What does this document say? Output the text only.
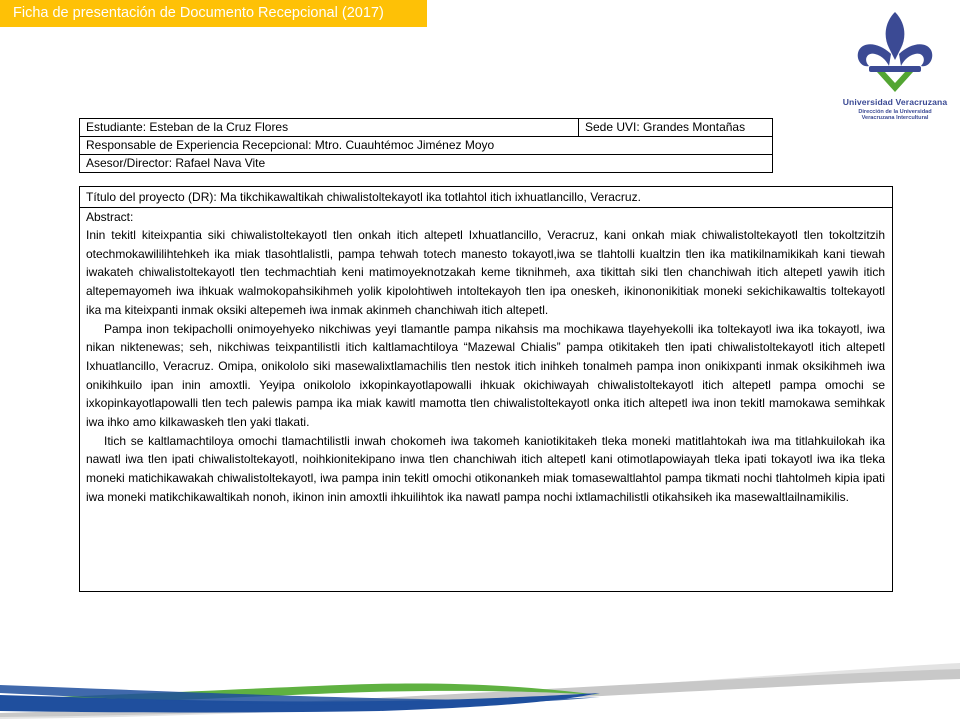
Ficha de presentación de Documento Recepcional (2017)
Universidad Veracruzana
Dirección de la Universidad
Veracruzana Intercultural
Estudiante: Esteban de la Cruz Flores	Sede UVI: Grandes Montañas
Responsable de Experiencia Recepcional: Mtro. Cuauhtémoc Jiménez Moyo
Asesor/Director: Rafael Nava Vite
Título del proyecto (DR): Ma tikchikawaltikah chiwalistoltekayotl ika totlahtol itich ixhuatlancillo, Veracruz.
Abstract:

Inin tekitl kiteixpantia siki chiwalistoltekayotl tlen onkah itich altepetl Ixhuatlancillo, Veracruz, kani onkah miak chiwalistoltekayotl tlen tokoltzitzih otechmokawililihtehkeh ika miak tlasohtlalistli, pampa tehwah totech manesto tokayotl,iwa se tlahtolli kualtzin tlen ika matikilnamikikah kani tiewah iwakateh chiwalistoltekayotl tlen techmachtiah keni matimoyeknotzakah keme tiknihmeh, axa tikittah siki tlen chanchiwah itich altepetl yawih itich altepemayomeh iwa ihkuak walmokopahsikihmeh yolik kipolohtiweh intoltekayoh tlen ipa oneskeh, ikinononikitiak moneki sekichikawaltis toltekayotl ika ma kiteixpanti inmak oksiki altepemeh iwa inmak akinmeh chanchiwah itich altepetl.

Pampa inon tekipacholli onimoyehyeko nikchiwas yeyi tlamantle pampa nikahsis ma mochikawa tlayehyekolli ika toltekayotl iwa ika tokayotl, iwa nikan niktenewas; seh, nikchiwas teixpantilistli itich kaltlamachtiloya “Mazewal Chialis” pampa otikitakeh tlen ipati chiwalistoltekayotl itich altepetl Ixhuatlancillo, Veracruz. Omipa, onikololo siki masewalixtlamachilis tlen nestok itich inihkeh tonalmeh pampa inon onikixpanti inmak oksikihmeh iwa onikihkuilo ipan inin amoxtli. Yeyipa onikololo ixkopinkayotlapowalli ihkuak okichiwayah chiwalistoltekayotl itich altepetl pampa omochi se ixkopinkayotlapowalli tlen tech palewis pampa ika miak kawitl mamotta tlen chiwalistoltekayotl onka itich altepetl iwa inon tekitl mamokawa semihkak iwa ihko amo kilkawaskeh tlen yaki tlakati.

Itich se kaltlamachtiloya omochi tlamachtilistli inwah chokomeh iwa takomeh kaniotikitakeh tleka moneki matitlahtokah iwa ma titlahkuilokah ika nawatl iwa tlen ipati chiwalistoltekayotl, noihkionitekipano inwa tlen chanchiwah itich altepetl kani otimotlapowiayah tleka ipati tokayotl iwa ika tleka moneki matichikawakah chiwalistoltekayotl, iwa pampa inin tekitl omochi otikonankeh miak tomasewaltlahtol pampa tikmati nochi tlahtolmeh kipia ipati iwa moneki matikchikawaltikah nonoh, ikinon inin amoxtli ihkuilihtok ika nawatl pampa nochi ixtlamachilistli otikahsikeh ika masewaltlailnamikilis.
